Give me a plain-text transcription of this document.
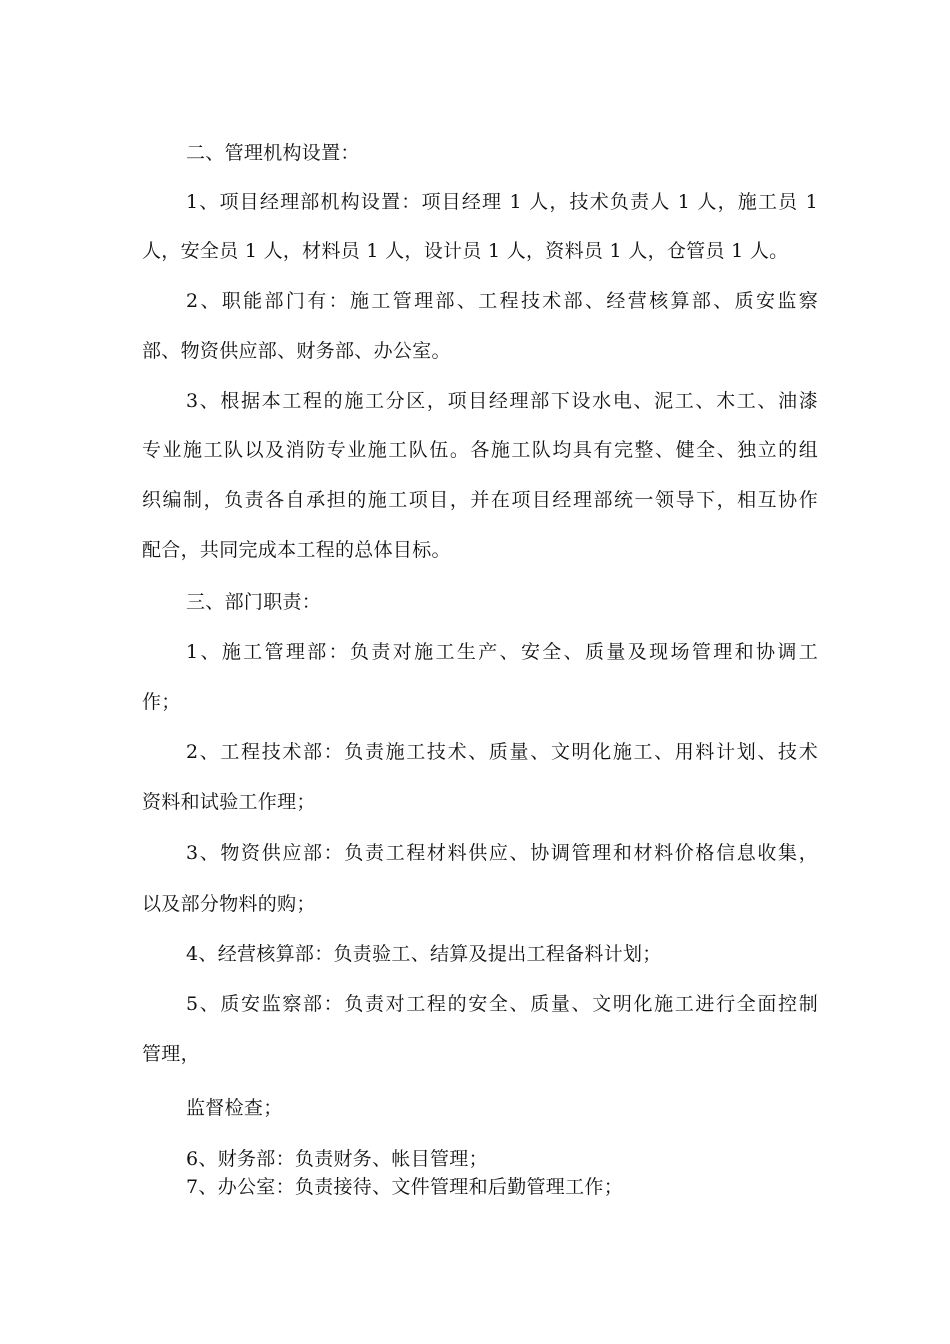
二、管理机构设置：
1、项目经理部机构设置：项目经理 1 人，技术负责人 1 人，施工员 1
人，安全员 1 人，材料员 1 人，设计员 1 人，资料员 1 人，仓管员 1 人。
2、职能部门有：施工管理部、工程技术部、经营核算部、质安监察
部、物资供应部、财务部、办公室。
3、根据本工程的施工分区，项目经理部下设水电、泥工、木工、油漆
专业施工队以及消防专业施工队伍。各施工队均具有完整、健全、独立的组
织编制，负责各自承担的施工项目，并在项目经理部统一领导下，相互协作
配合，共同完成本工程的总体目标。
三、部门职责：
1、施工管理部：负责对施工生产、安全、质量及现场管理和协调工
作；
2、工程技术部：负责施工技术、质量、文明化施工、用料计划、技术
资料和试验工作理；
3、物资供应部：负责工程材料供应、协调管理和材料价格信息收集，
以及部分物料的购；
4、经营核算部：负责验工、结算及提出工程备料计划；
5、质安监察部：负责对工程的安全、质量、文明化施工进行全面控制
管理，
监督检查；
6、财务部：负责财务、帐目管理；
7、办公室：负责接待、文件管理和后勤管理工作；
